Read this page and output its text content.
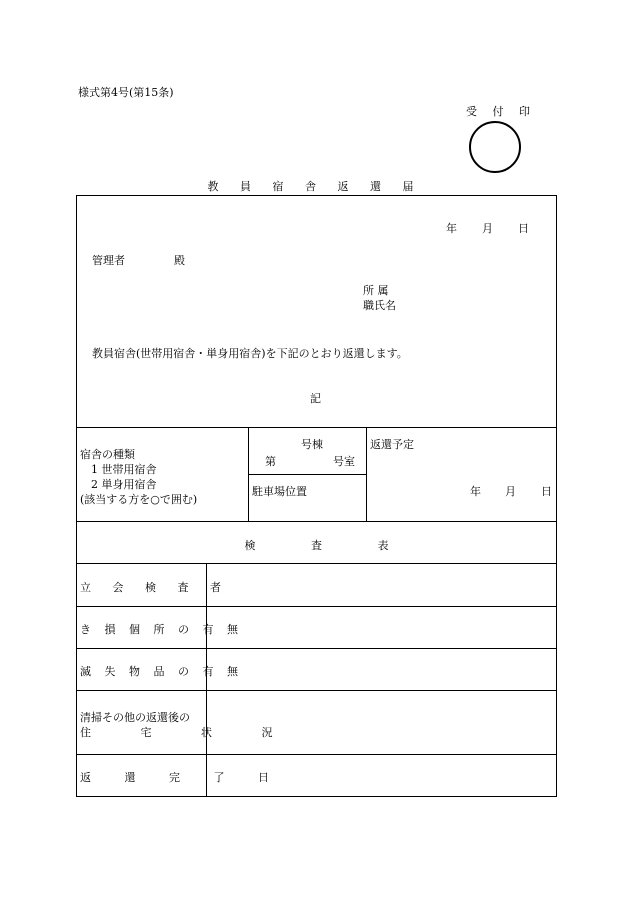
様式第4号(第15条)
受 付 印
教 員 宿 舎 返 還 届
年 月 日
管理者	殿
所 属
職氏名
教員宿舎(世帯用宿舎・単身用宿舎)を下記のとおり返還します。
記
宿舎の種類
1 世帯用宿舎
2 単身用宿舎
(該当する方を○で囲む)
号棟
第	号室
駐車場位置
返還予定
年 月 日
検 査 表
立 会 検 査 者
き 損 個 所 の 有 無
滅 失 物 品 の 有 無
清掃その他の返還後の
住 宅 状 況
返 還 完 了 日
